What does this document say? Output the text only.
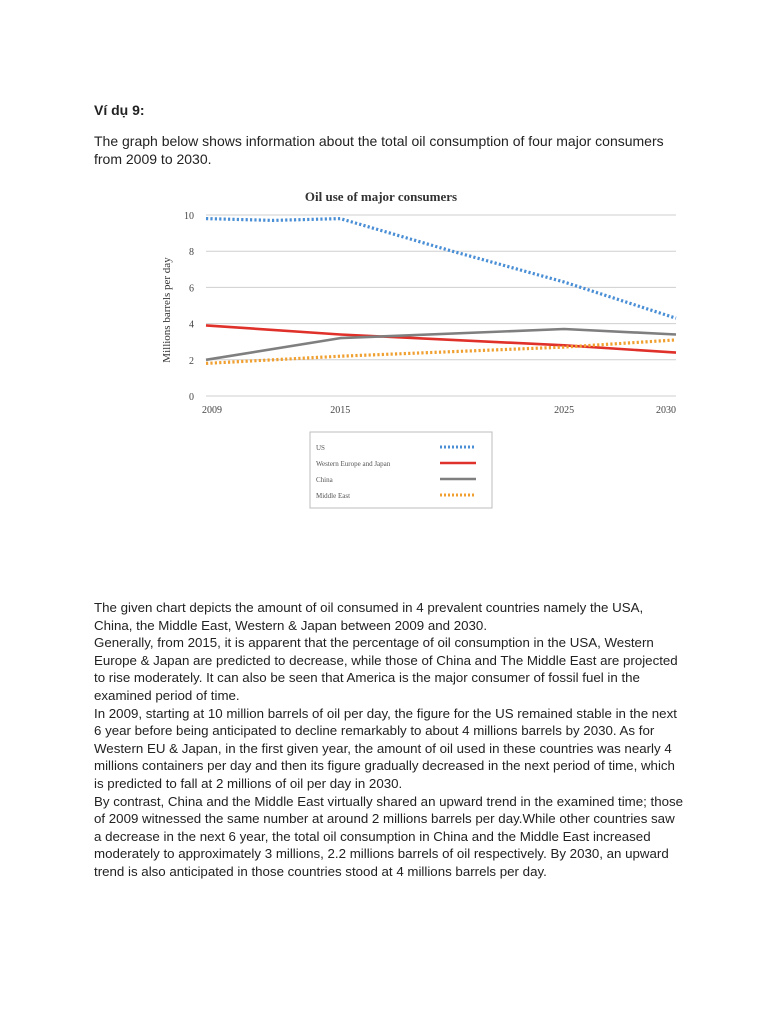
Ví dụ 9:

The graph below shows information about the total oil consumption of four major consumers from 2009 to 2030.

Oil use of major consumers
Millions barrels per day
0
2
4
6
8
10
2009	2015	2025	2030
US
Western Europe and Japan
China
Middle East

The given chart depicts the amount of oil consumed in 4 prevalent countries namely the USA, China, the Middle East, Western & Japan between 2009 and 2030.

Generally, from 2015, it is apparent that the percentage of oil consumption in the USA, Western Europe & Japan are predicted to decrease, while those of China and The Middle East are projected to rise moderately. It can also be seen that America is the major consumer of fossil fuel in the examined period of time.

In 2009, starting at 10 million barrels of oil per day, the figure for the US remained stable in the next 6 year before being anticipated to decline remarkably to about 4 millions barrels by 2030. As for Western EU & Japan, in the first given year, the amount of oil used in these countries was nearly 4 millions containers per day and then its figure gradually decreased in the next period of time, which is predicted to fall at 2 millions of oil per day in 2030.

By contrast, China and the Middle East virtually shared an upward trend in the examined time; those of 2009 witnessed the same number at around 2 millions barrels per day.While other countries saw a decrease in the next 6 year, the total oil consumption in China and the Middle East increased moderately to approximately 3 millions, 2.2 millions barrels of oil respectively. By 2030, an upward trend is also anticipated in those countries stood at 4 millions barrels per day.
